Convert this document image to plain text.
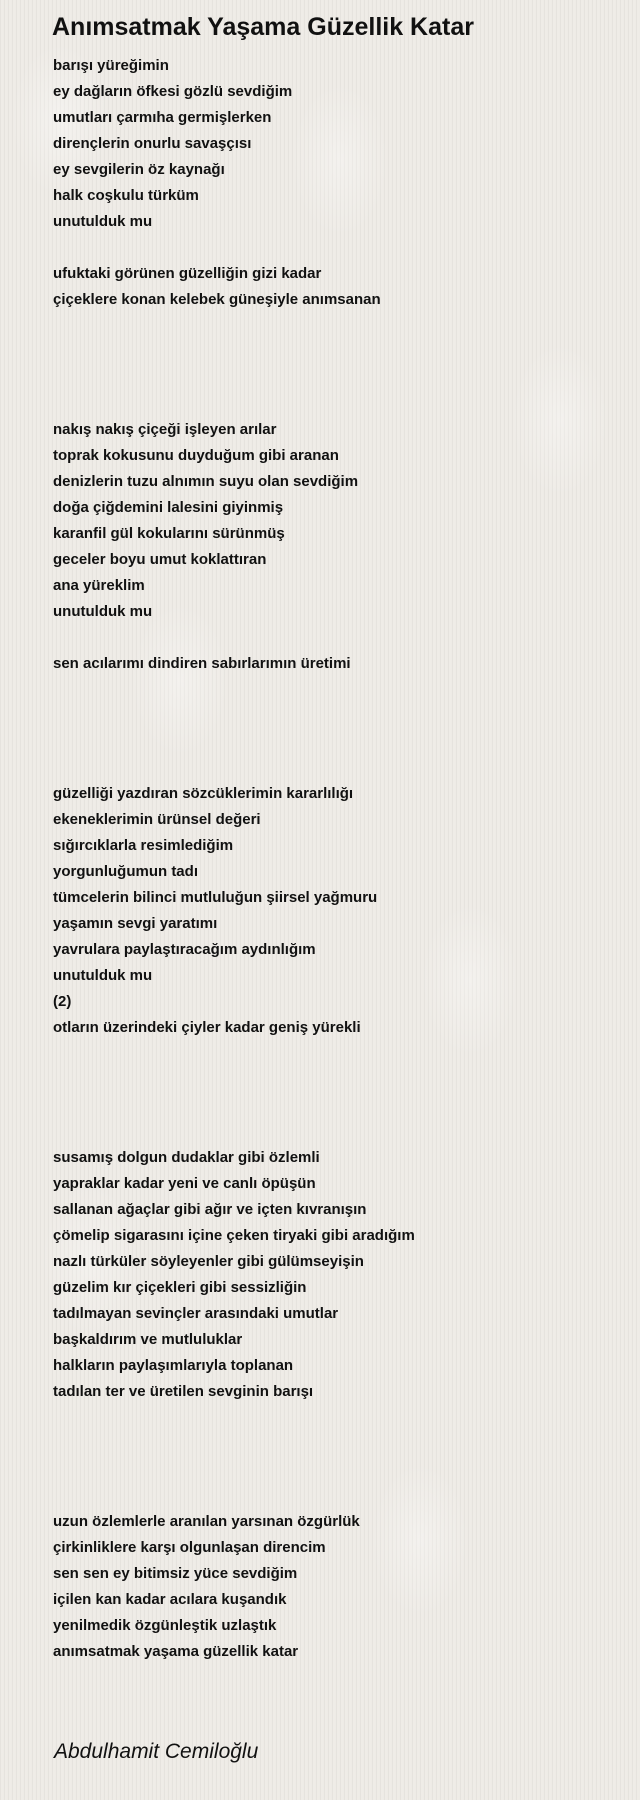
Anımsatmak Yaşama Güzellik Katar
barışı yüreğimin
ey dağların öfkesi gözlü sevdiğim
umutları çarmıha germişlerken
dirençlerin onurlu savaşçısı
ey sevgilerin öz kaynağı
halk coşkulu türküm
unutulduk mu
ufuktaki görünen güzelliğin gizi kadar
çiçeklere konan kelebek güneşiyle anımsanan
nakış nakış çiçeği işleyen arılar
toprak kokusunu duyduğum gibi aranan
denizlerin tuzu alnımın suyu olan sevdiğim
doğa çiğdemini lalesini giyinmiş
karanfil gül kokularını sürünmüş
geceler boyu umut koklattıran
ana yüreklim
unutulduk mu
sen acılarımı dindiren sabırlarımın üretimi
güzelliği yazdıran sözcüklerimin kararlılığı
ekeneklerimin ürünsel değeri
sığırcıklarla resimlediğim
yorgunluğumun tadı
tümcelerin bilinci mutluluğun şiirsel yağmuru
yaşamın sevgi yaratımı
yavrulara paylaştıracağım aydınlığım
unutulduk mu
(2)
otların üzerindeki çiyler kadar geniş yürekli
susamış dolgun dudaklar gibi özlemli
yapraklar kadar yeni ve canlı öpüşün
sallanan ağaçlar gibi ağır ve içten kıvranışın
çömelip sigarasını içine çeken tiryaki gibi aradığım
nazlı türküler söyleyenler gibi gülümseyişin
güzelim kır çiçekleri gibi sessizliğin
tadılmayan sevinçler arasındaki umutlar
başkaldırım ve mutluluklar
halkların paylaşımlarıyla toplanan
tadılan ter ve üretilen sevginin barışı
uzun özlemlerle aranılan yarsınan özgürlük
çirkinliklere karşı olgunlaşan direncim
sen sen ey bitimsiz yüce sevdiğim
içilen kan kadar acılara kuşandık
yenilmedik özgünleştik uzlaştık
anımsatmak yaşama güzellik katar
Abdulhamit Cemiloğlu
